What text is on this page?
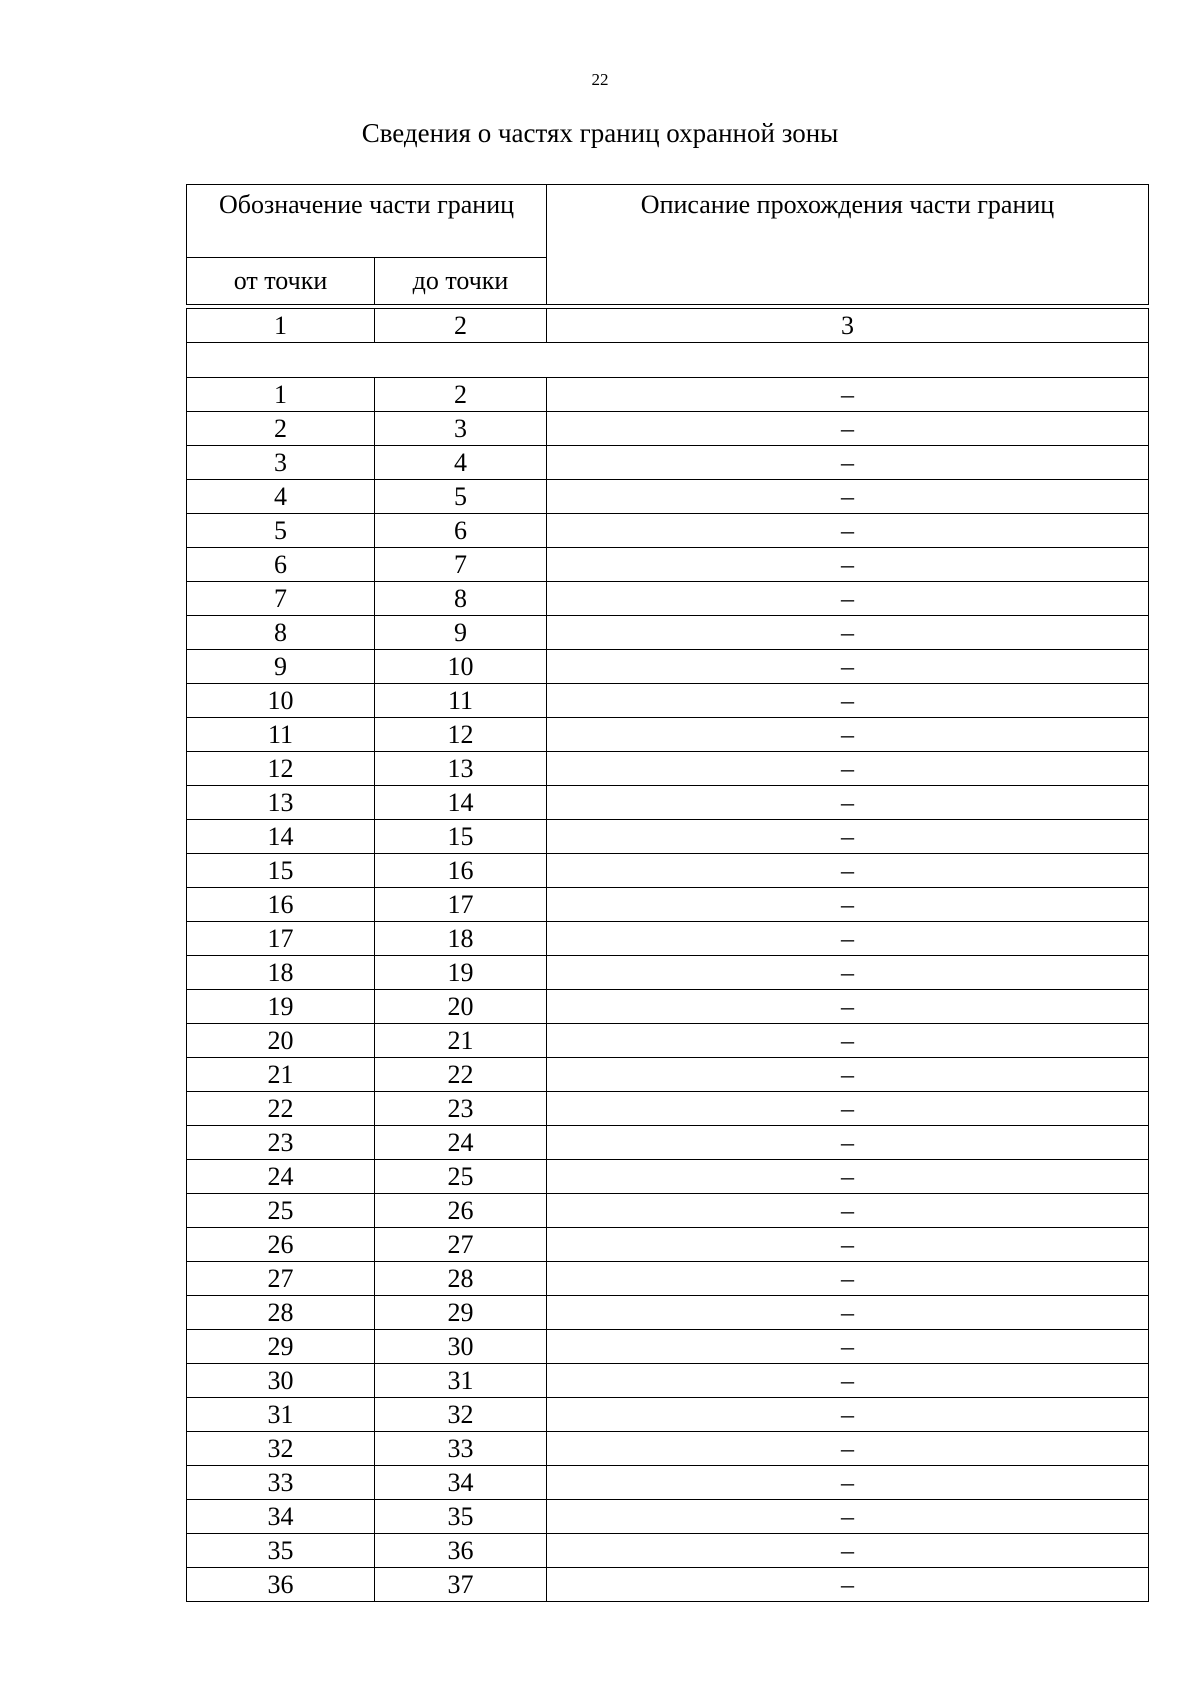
22
Сведения о частях границ охранной зоны
Обозначение части границ		Описание прохождения части границ
от точки	до точки	
1	2	3

1	2	–
2	3	–
3	4	–
4	5	–
5	6	–
6	7	–
7	8	–
8	9	–
9	10	–
10	11	–
11	12	–
12	13	–
13	14	–
14	15	–
15	16	–
16	17	–
17	18	–
18	19	–
19	20	–
20	21	–
21	22	–
22	23	–
23	24	–
24	25	–
25	26	–
26	27	–
27	28	–
28	29	–
29	30	–
30	31	–
31	32	–
32	33	–
33	34	–
34	35	–
35	36	–
36	37	–
